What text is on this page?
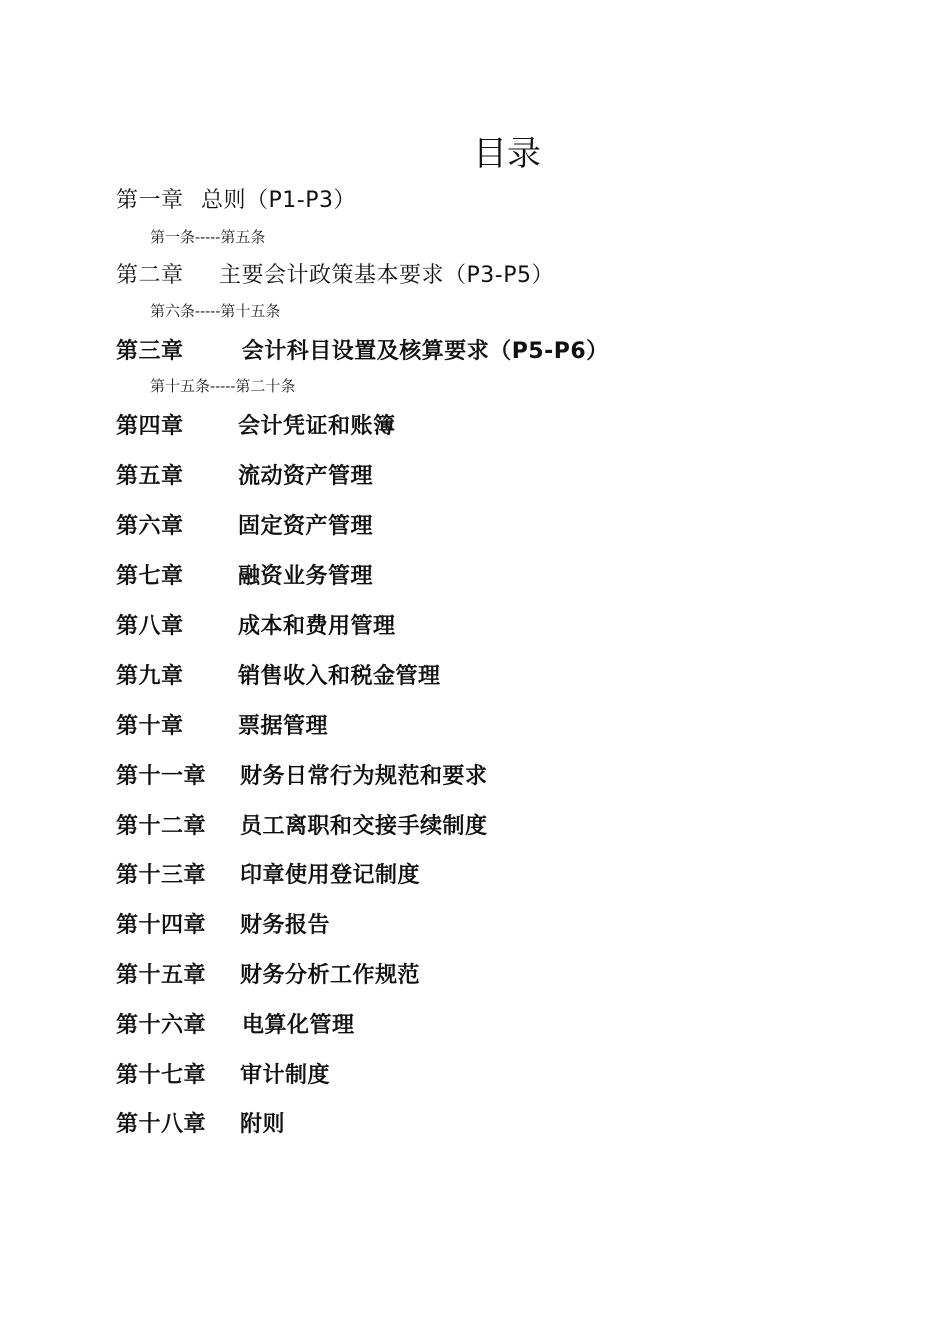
目录
第一章 总则（P1-P3）
第一条-----第五条
第二章 主要会计政策基本要求（P3-P5）
第六条-----第十五条
第三章	会计科目设置及核算要求（P5-P6）
第十五条-----第二十条
第四章 会计凭证和账簿
第五章 流动资产管理
第六章 固定资产管理
第七章 融资业务管理
第八章 成本和费用管理
第九章 销售收入和税金管理
第十章 票据管理
第十一章 财务日常行为规范和要求
第十二章 员工离职和交接手续制度
第十三章 印章使用登记制度
第十四章 财务报告
第十五章 财务分析工作规范
第十六章 电算化管理
第十七章 审计制度
第十八章 附则
